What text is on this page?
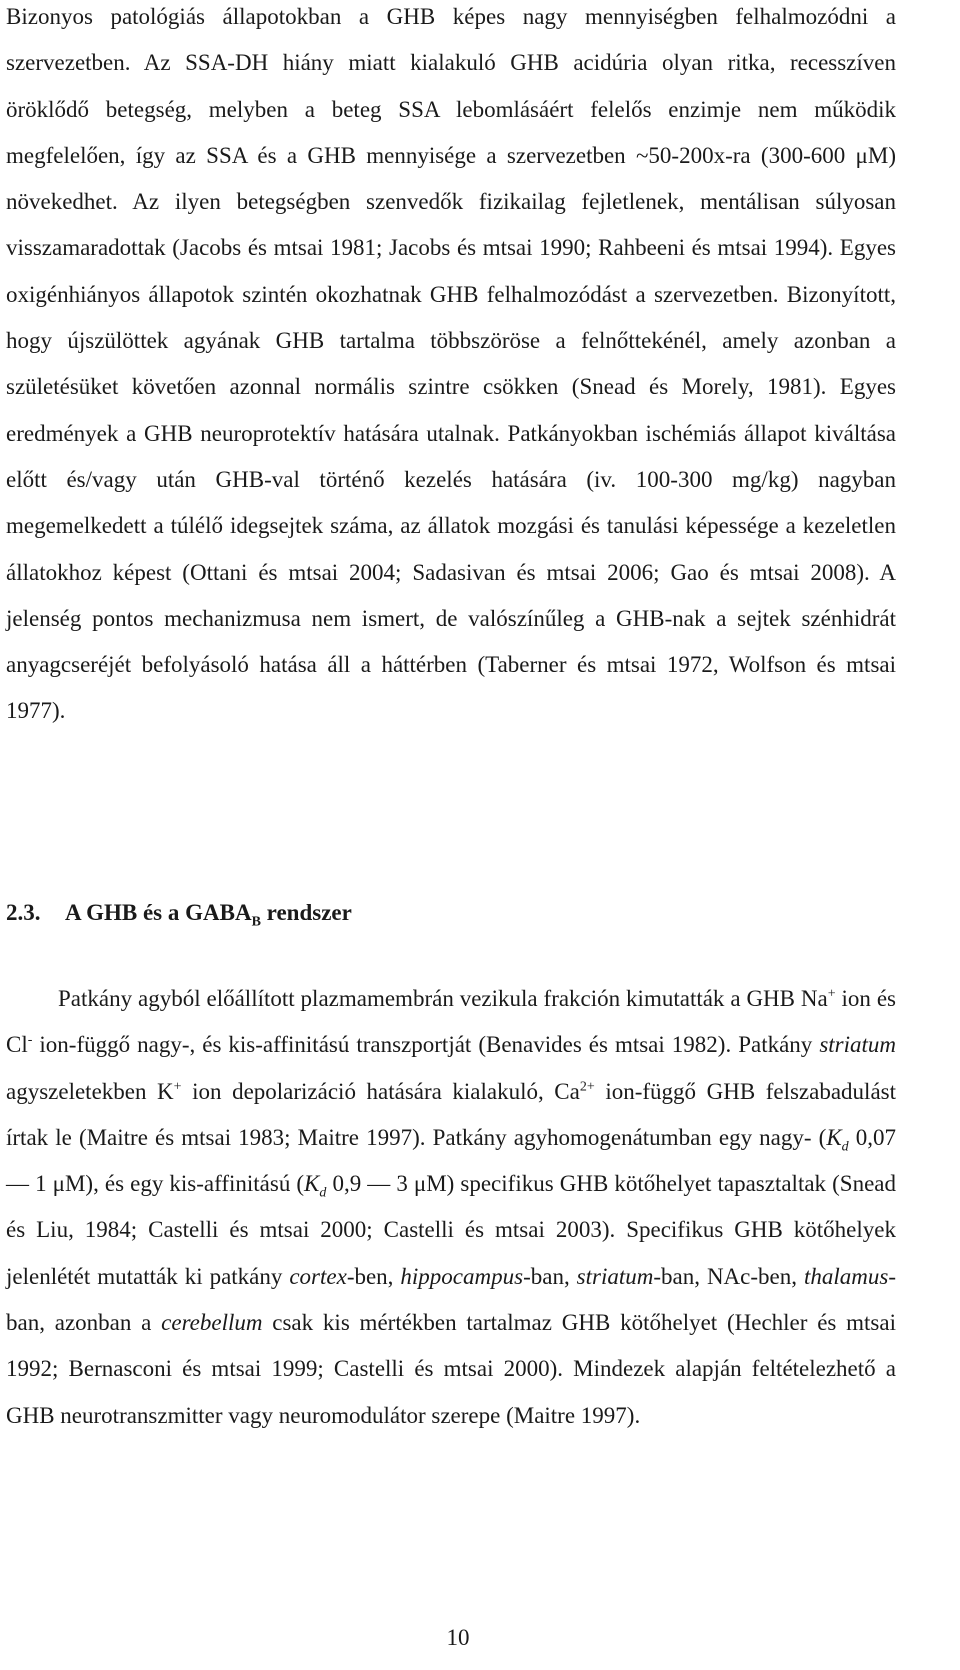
Bizonyos patológiás állapotokban a GHB képes nagy mennyiségben felhalmozódni a szervezetben. Az SSA-DH hiány miatt kialakuló GHB acidúria olyan ritka, recesszíven öröklődő betegség, melyben a beteg SSA lebomlásáért felelős enzimje nem működik megfelelően, így az SSA és a GHB mennyisége a szervezetben ~50-200x-ra (300-600 μM) növekedhet. Az ilyen betegségben szenvedők fizikailag fejletlenek, mentálisan súlyosan visszamaradottak (Jacobs és mtsai 1981; Jacobs és mtsai 1990; Rahbeeni és mtsai 1994). Egyes oxigénhiányos állapotok szintén okozhatnak GHB felhalmozódást a szervezetben. Bizonyított, hogy újszülöttek agyának GHB tartalma többszöröse a felnőttekénél, amely azonban a születésüket követően azonnal normális szintre csökken (Snead és Morely, 1981). Egyes eredmények a GHB neuroprotektív hatására utalnak. Patkányokban ischémiás állapot kiváltása előtt és/vagy után GHB-val történő kezelés hatására (iv. 100-300 mg/kg) nagyban megemelkedett a túlélő idegsejtek száma, az állatok mozgási és tanulási képessége a kezeletlen állatokhoz képest (Ottani és mtsai 2004; Sadasivan és mtsai 2006; Gao és mtsai 2008). A jelenség pontos mechanizmusa nem ismert, de valószínűleg a GHB-nak a sejtek szénhidrát anyagcseréjét befolyásoló hatása áll a háttérben (Taberner és mtsai 1972, Wolfson és mtsai 1977).

2.3. A GHB és a $GABA_B$ rendszer

Patkány agyból előállított plazmamembrán vezikula frakción kimutatták a GHB Na+ ion és Cl- ion-függő nagy-, és kis-affinitású transzportját (Benavides és mtsai 1982). Patkány striatum agyszeletekben K+ ion depolarizáció hatására kialakuló, $Ca^{2+}$ ion-függő GHB felszabadulást írtak le (Maitre és mtsai 1983; Maitre 1997). Patkány agyhomogenátumban egy nagy- ($K_d$ 0,07 — 1 μM), és egy kis-affinitású ($K_d$ 0,9 — 3 μM) specifikus GHB kötőhelyet tapasztaltak (Snead és Liu, 1984; Castelli és mtsai 2000; Castelli és mtsai 2003). Specifikus GHB kötőhelyek jelenlétét mutatták ki patkány cortex-ben, hippocampus-ban, striatum-ban, NAc-ben, thalamus-ban, azonban a cerebellum csak kis mértékben tartalmaz GHB kötőhelyet (Hechler és mtsai 1992; Bernasconi és mtsai 1999; Castelli és mtsai 2000). Mindezek alapján feltételezhető a GHB neurotranszmitter vagy neuromodulátor szerepe (Maitre 1997).

10
